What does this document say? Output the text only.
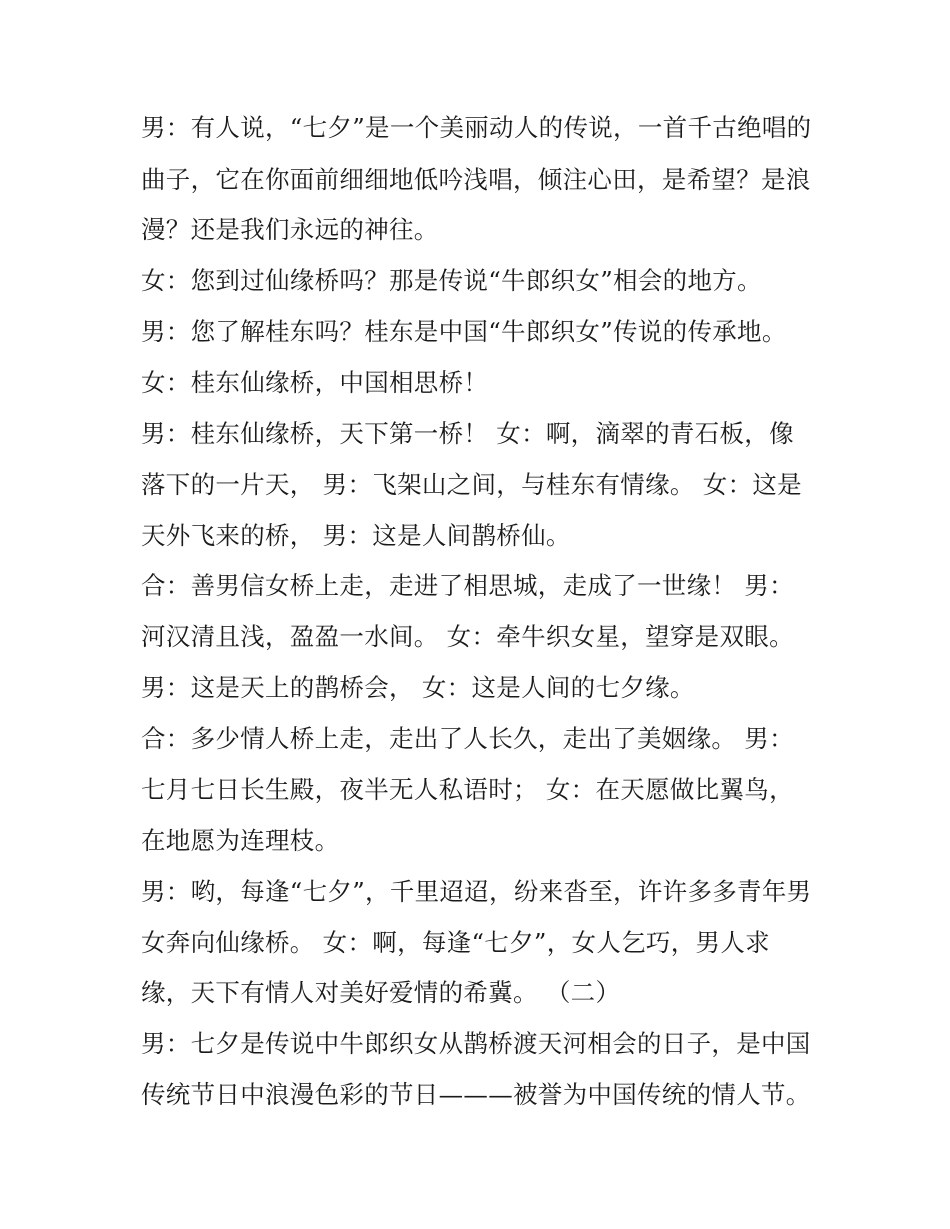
男：有人说，“七夕”是一个美丽动人的传说，一首千古绝唱的
曲子，它在你面前细细地低吟浅唱，倾注心田，是希望？是浪
漫？还是我们永远的神往。
女：您到过仙缘桥吗？那是传说“牛郎织女”相会的地方。
男：您了解桂东吗？桂东是中国“牛郎织女”传说的传承地。
女：桂东仙缘桥，中国相思桥！
男：桂东仙缘桥，天下第一桥！ 女：啊，滴翠的青石板，像
落下的一片天， 男：飞架山之间，与桂东有情缘。 女：这是
天外飞来的桥， 男：这是人间鹊桥仙。
合：善男信女桥上走，走进了相思城，走成了一世缘！ 男：
河汉清且浅，盈盈一水间。 女：牵牛织女星，望穿是双眼。
男：这是天上的鹊桥会， 女：这是人间的七夕缘。
合：多少情人桥上走，走出了人长久，走出了美姻缘。 男：
七月七日长生殿，夜半无人私语时； 女：在天愿做比翼鸟，
在地愿为连理枝。
男：哟，每逢“七夕”，千里迢迢，纷来沓至，许许多多青年男
女奔向仙缘桥。 女：啊，每逢“七夕”，女人乞巧，男人求
缘，天下有情人对美好爱情的希冀。 （二）
男：七夕是传说中牛郎织女从鹊桥渡天河相会的日子，是中国
传统节日中浪漫色彩的节日———被誉为中国传统的情人节。
